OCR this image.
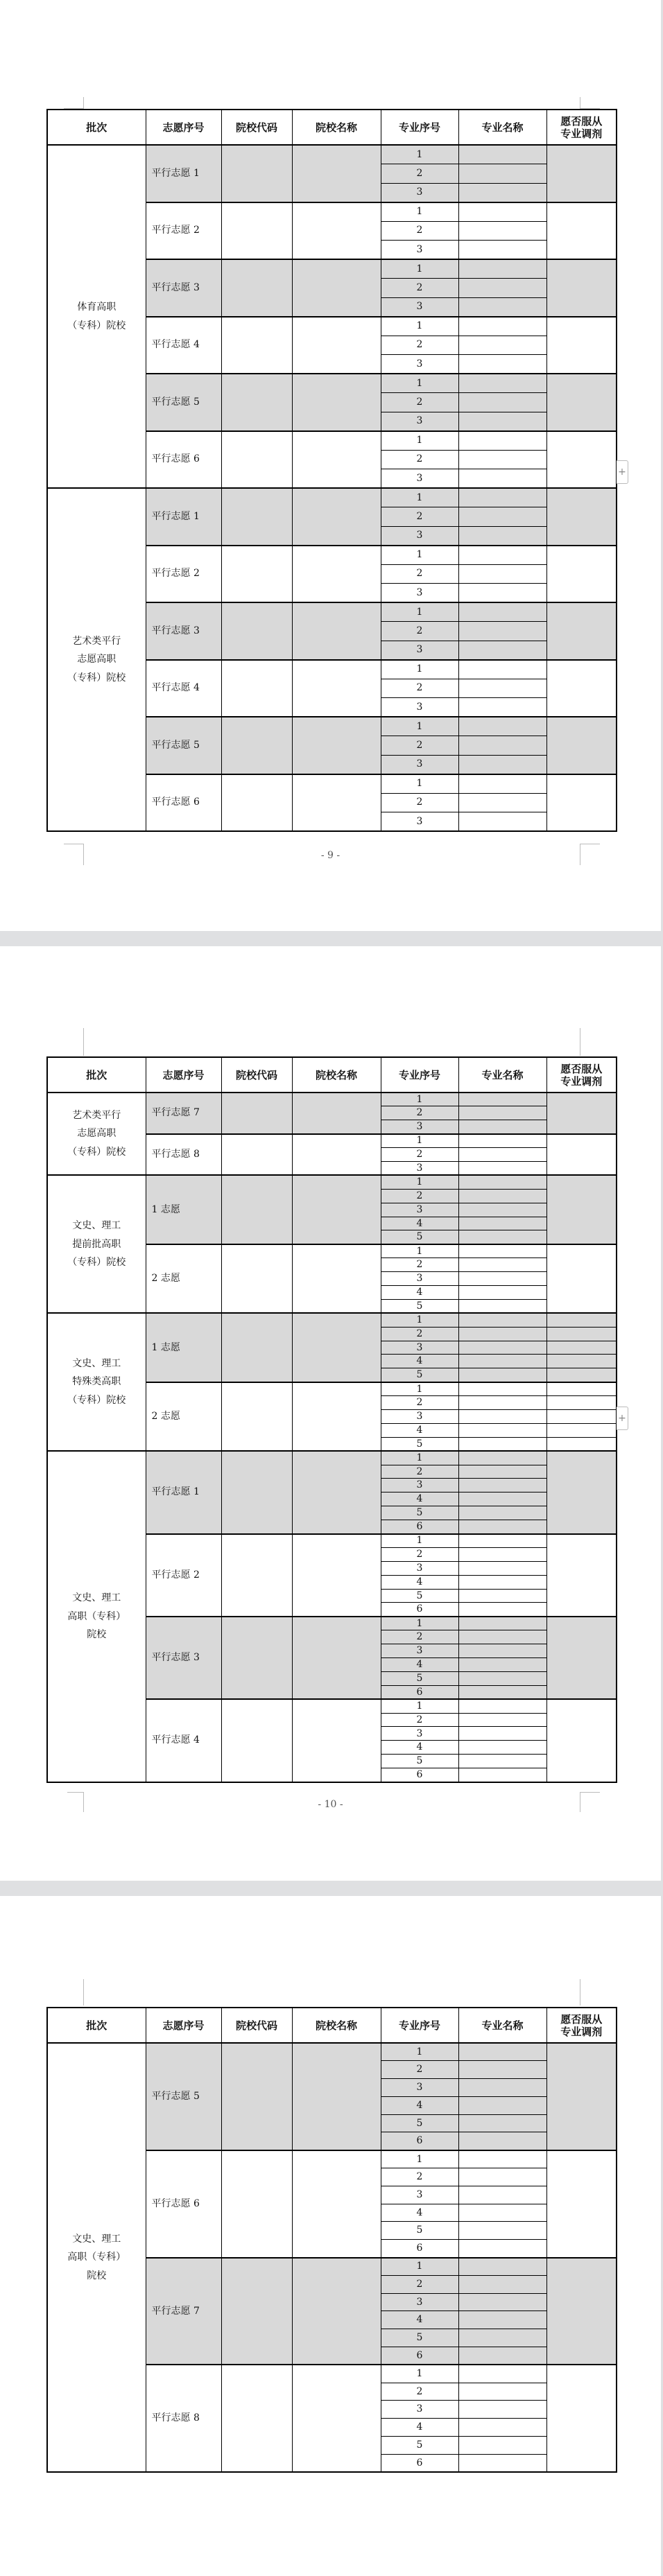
批次	志愿序号	院校代码	院校名称	专业序号	专业名称	愿否服从
专业调剂
体育高职
（专科）院校	平行志愿 1			1		
				2		
				3		
	平行志愿 2			1		
				2		
				3		
	平行志愿 3			1		
				2		
				3		
	平行志愿 4			1		
				2		
				3		
	平行志愿 5			1		
				2		
				3		
	平行志愿 6			1		
				2		
				3		
艺术类平行
志愿高职
（专科）院校	平行志愿 1			1		
				2		
				3		
	平行志愿 2			1		
				2		
				3		
	平行志愿 3			1		
				2		
				3		
	平行志愿 4			1		
				2		
				3		
	平行志愿 5			1		
				2		
				3		
	平行志愿 6			1		
				2		
				3		
+
- 9 -
批次	志愿序号	院校代码	院校名称	专业序号	专业名称	愿否服从
专业调剂
艺术类平行
志愿高职
（专科）院校	平行志愿 7			1		
				2		
				3		
	平行志愿 8			1		
				2		
				3		
文史、理工
提前批高职
（专科）院校	1 志愿			1		
				2		
				3		
				4		
				5		
	2 志愿			1		
				2		
				3		
				4		
				5		
文史、理工
特殊类高职
（专科）院校	1 志愿			1		
				2		
				3		
				4		
				5		
	2 志愿			1		
				2		
				3		
				4		
				5		
文史、理工
高职（专科）
院校	平行志愿 1			1		
				2		
				3		
				4		
				5		
				6		
	平行志愿 2			1		
				2		
				3		
				4		
				5		
				6		
	平行志愿 3			1		
				2		
				3		
				4		
				5		
				6		
	平行志愿 4			1		
				2		
				3		
				4		
				5		
				6		
+
- 10 -
批次	志愿序号	院校代码	院校名称	专业序号	专业名称	愿否服从
专业调剂
文史、理工
高职（专科）
院校	平行志愿 5			1		
				2		
				3		
				4		
				5		
				6		
	平行志愿 6			1		
				2		
				3		
				4		
				5		
				6		
	平行志愿 7			1		
				2		
				3		
				4		
				5		
				6		
	平行志愿 8			1		
				2		
				3		
				4		
				5		
				6		
